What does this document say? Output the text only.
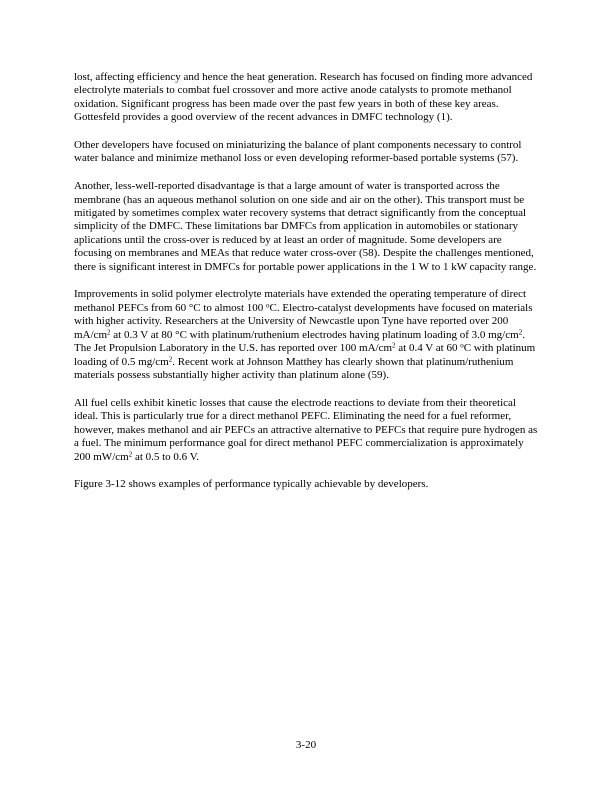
lost, affecting efficiency and hence the heat generation. Research has focused on finding more advanced electrolyte materials to combat fuel crossover and more active anode catalysts to promote methanol oxidation. Significant progress has been made over the past few years in both of these key areas. Gottesfeld provides a good overview of the recent advances in DMFC technology (1).

Other developers have focused on miniaturizing the balance of plant components necessary to control water balance and minimize methanol loss or even developing reformer-based portable systems (57).

Another, less-well-reported disadvantage is that a large amount of water is transported across the membrane (has an aqueous methanol solution on one side and air on the other). This transport must be mitigated by sometimes complex water recovery systems that detract significantly from the conceptual simplicity of the DMFC. These limitations bar DMFCs from application in automobiles or stationary aplications until the cross-over is reduced by at least an order of magnitude. Some developers are focusing on membranes and MEAs that reduce water cross-over (58). Despite the challenges mentioned, there is significant interest in DMFCs for portable power applications in the 1 W to 1 kW capacity range.

Improvements in solid polymer electrolyte materials have extended the operating temperature of direct methanol PEFCs from 60 °C to almost 100 $^o$C. Electro-catalyst developments have focused on materials with higher activity. Researchers at the University of Newcastle upon Tyne have reported over 200 $mA/cm^2$ at 0.3 V at 80 °C with platinum/ruthenium electrodes having platinum loading of 3.0 $mg/cm^2$. The Jet Propulsion Laboratory in the U.S. has reported over 100 $mA/cm^2$ at 0.4 V at 60 $^o$C with platinum loading of 0.5 $mg/cm^2$. Recent work at Johnson Matthey has clearly shown that platinum/ruthenium materials possess substantially higher activity than platinum alone (59).

All fuel cells exhibit kinetic losses that cause the electrode reactions to deviate from their theoretical ideal. This is particularly true for a direct methanol PEFC. Eliminating the need for a fuel reformer, however, makes methanol and air PEFCs an attractive alternative to PEFCs that require pure hydrogen as a fuel. The minimum performance goal for direct methanol PEFC commercialization is approximately 200 $mW/cm^2$ at 0.5 to 0.6 V.

Figure 3-12 shows examples of performance typically achievable by developers.

3-20
